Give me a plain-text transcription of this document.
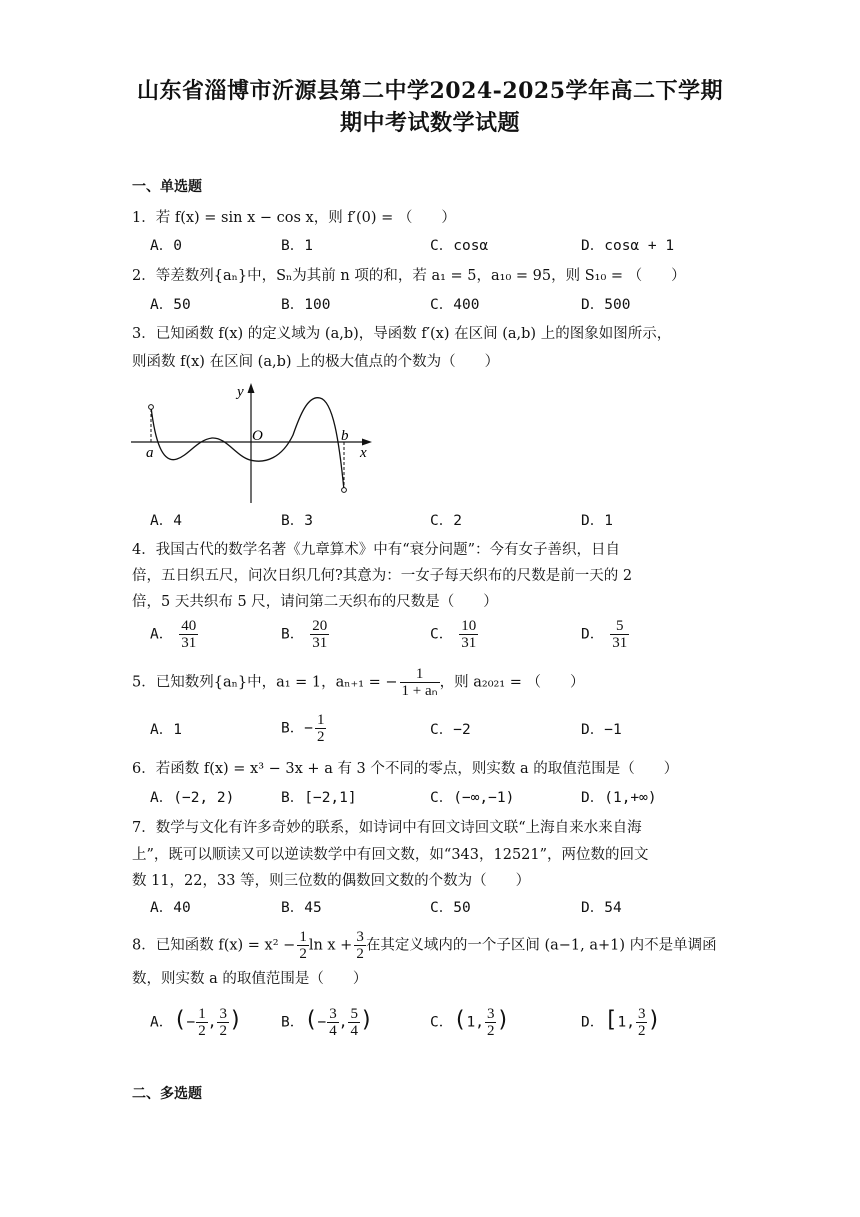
山东省淄博市沂源县第二中学2024-2025学年高二下学期
期中考试数学试题
一、单选题
1．若 f(x) = sin x − cos x，则 f′(0) = （　　）
A．0	B．1	C．cosα	D．cosα + 1
2．等差数列{aₙ}中，Sₙ为其前 n 项的和，若 a₁ = 5，a₁₀ = 95，则 S₁₀ = （　　）
A．50	B．100	C．400	D．500
3．已知函数 f(x) 的定义域为 (a,b)，导函数 f′(x) 在区间 (a,b) 上的图象如图所示，
则函数 f(x) 在区间 (a,b) 上的极大值点的个数为（　　）
y
x
O
a
b
A．4	B．3	C．2	D．1
4．我国古代的数学名著《九章算术》中有“衰分问题”：今有女子善织，日自
倍，五日织五尺，问次日织几何?其意为：一女子每天织布的尺数是前一天的 2
倍，5 天共织布 5 尺，请问第二天织布的尺数是（　　）
A． $\frac{40}{31}$	B． $\frac{20}{31}$	C． $\frac{10}{31}$	D． $\frac{5}{31}$
5．已知数列{aₙ}中，a₁ = 1，aₙ₊₁ = − $\frac{1}{\text{1 + aₙ}}$ ，则 a₂₀₂₁ = （　　）
A．1	B．− $\frac{1}{2}$	C．−2	D．−1
6．若函数 f(x) = x³ − 3x + a 有 3 个不同的零点，则实数 a 的取值范围是（　　）
A．(−2, 2)	B．[−2,1]	C．(−∞,−1)	D．(1,+∞)
7．数学与文化有许多奇妙的联系，如诗词中有回文诗回文联“上海自来水来自海
上”，既可以顺读又可以逆读数学中有回文数，如“343，12521”，两位数的回文
数 11，22，33 等，则三位数的偶数回文数的个数为（　　）
A．40	B．45	C．50	D．54
8．已知函数 $f(x) = x^2 - \frac{1}{2}$ $\ln x + \frac{3}{2}$ 在其定义域内的一个子区间 (a−1, a+1) 内不是单调函
数，则实数 a 的取值范围是（　　）
A．(− $\frac{1}{2}$ , $\frac{3}{2}$ )	B．(− $\frac{3}{4}$ , $\frac{5}{4}$ )	C．(1, $\frac{3}{2}$ )	D．[1, $\frac{3}{2}$ )
二、多选题
